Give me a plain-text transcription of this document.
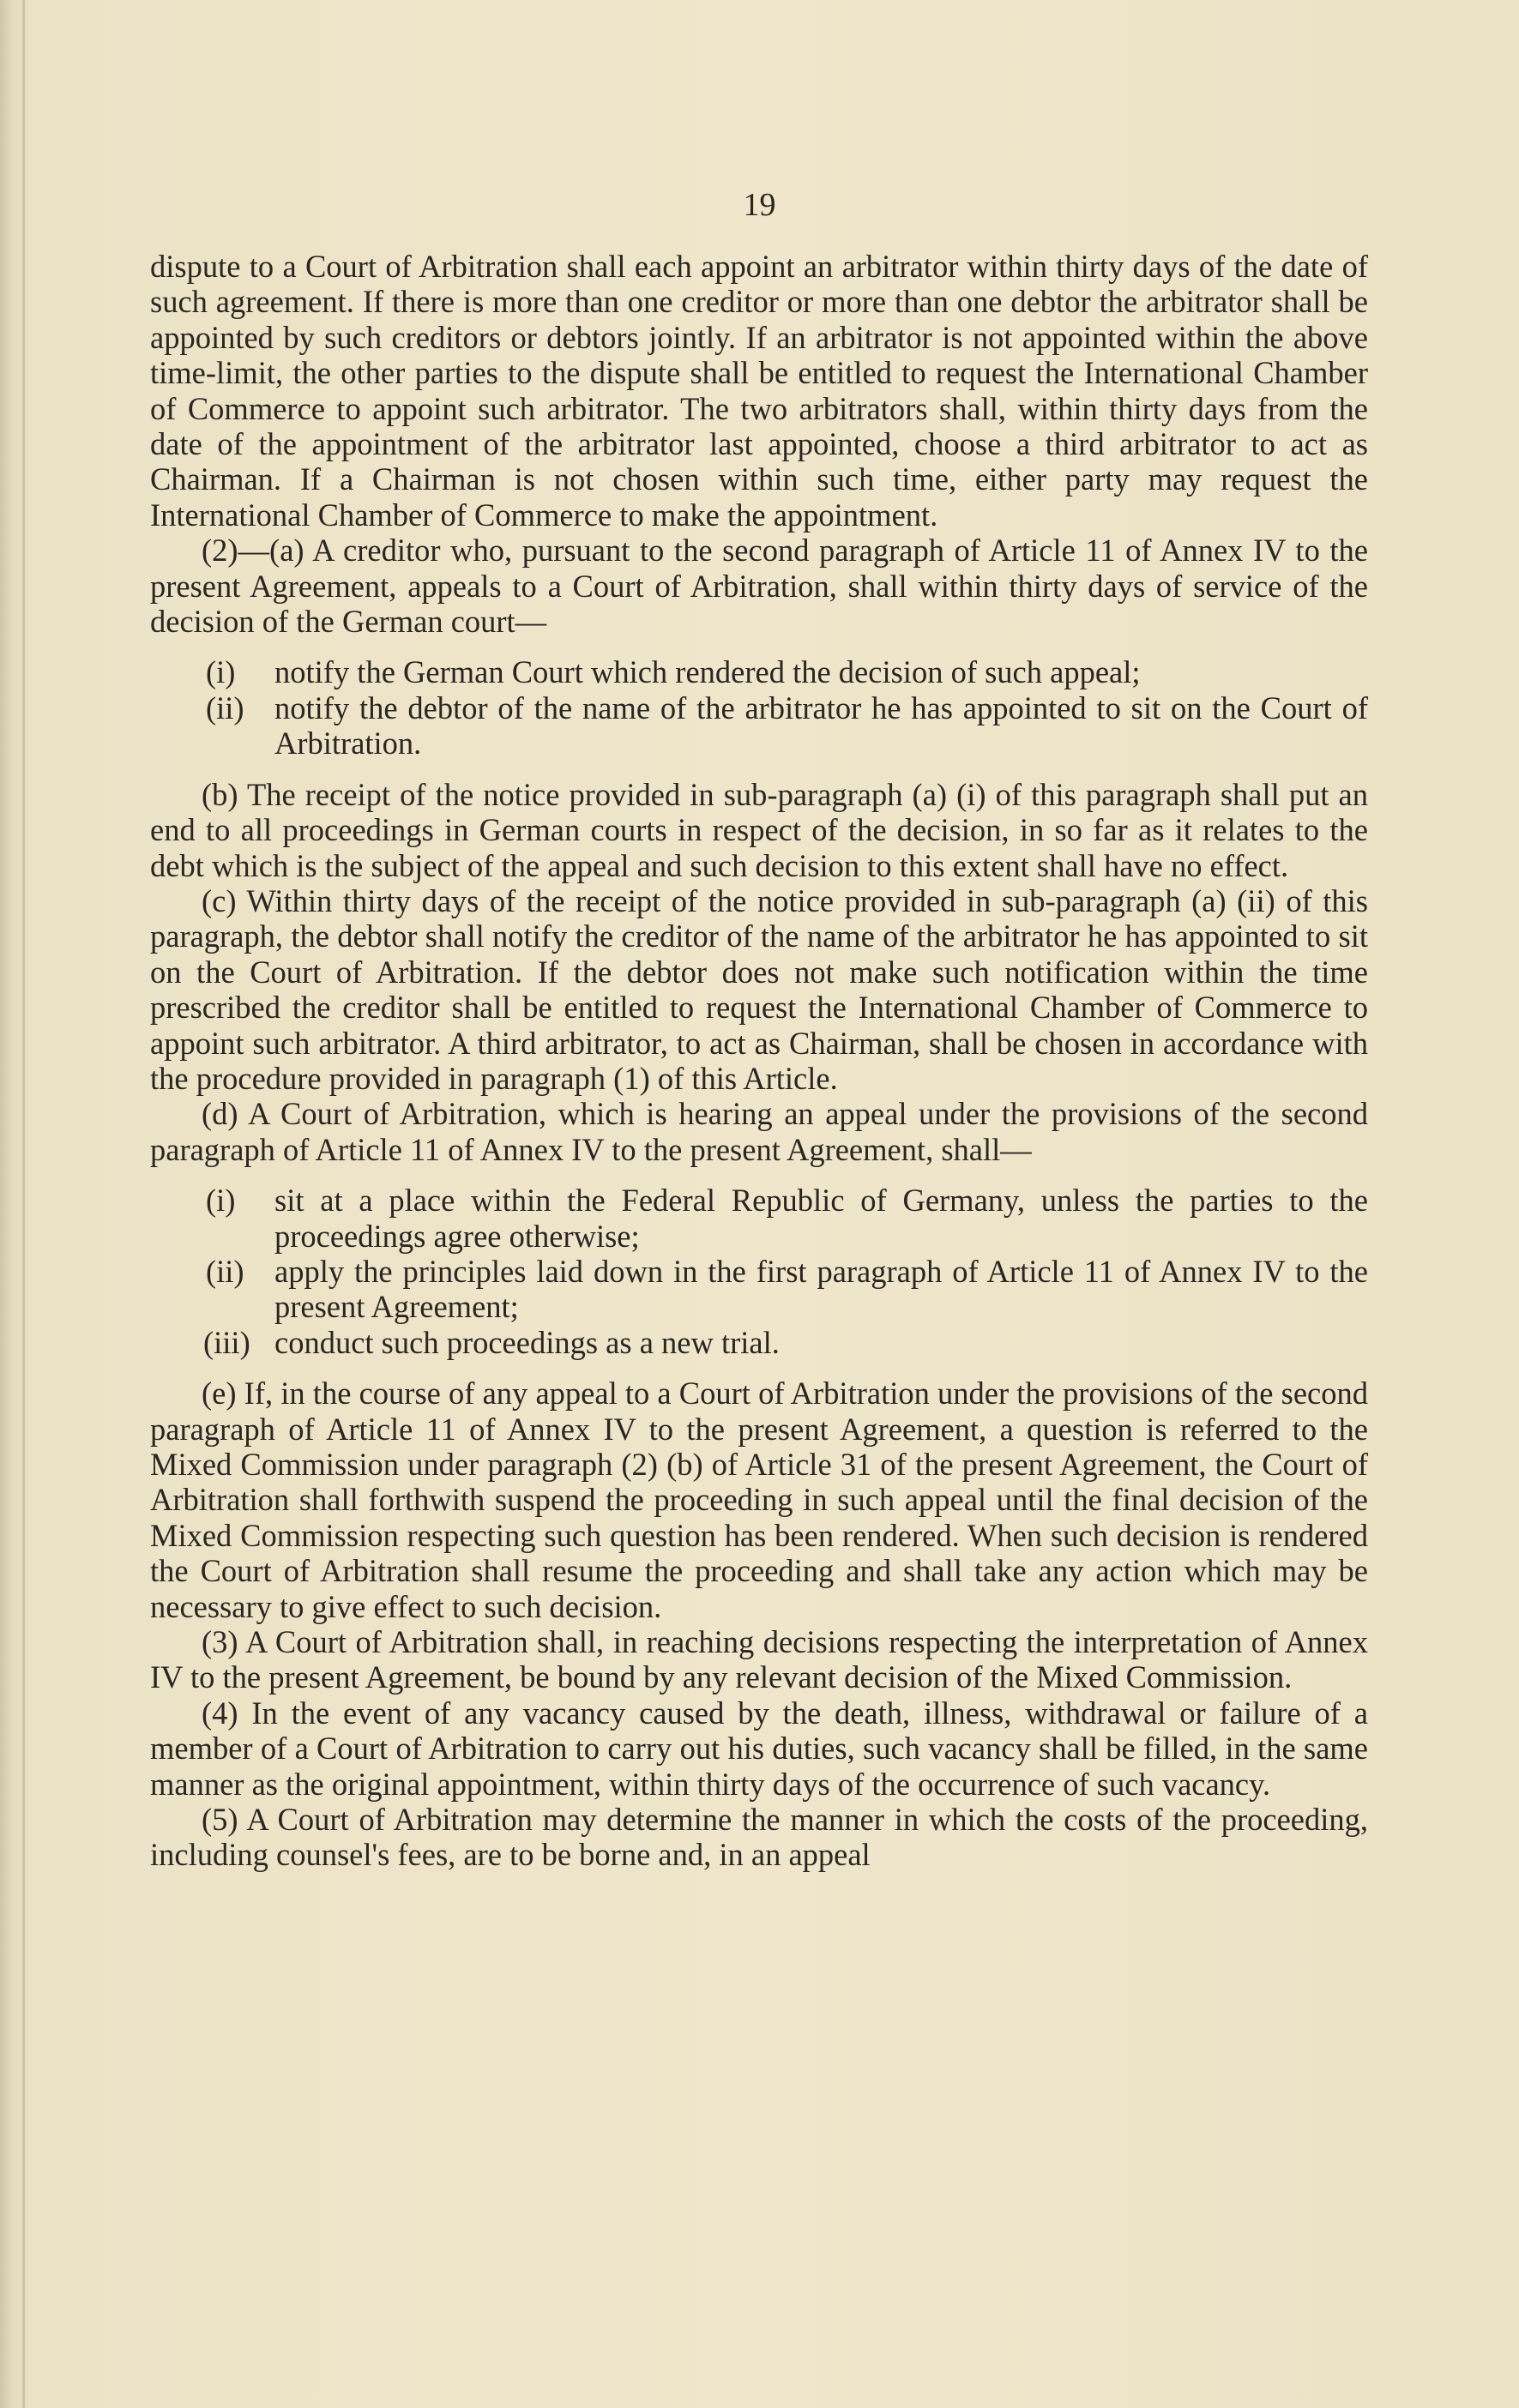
19

dispute to a Court of Arbitration shall each appoint an arbitrator within thirty days of the date of such agreement. If there is more than one creditor or more than one debtor the arbitrator shall be appointed by such creditors or debtors jointly. If an arbitrator is not appointed within the above time-limit, the other parties to the dispute shall be entitled to request the International Chamber of Commerce to appoint such arbitrator. The two arbitrators shall, within thirty days from the date of the appointment of the arbitrator last appointed, choose a third arbitrator to act as Chairman. If a Chairman is not chosen within such time, either party may request the International Chamber of Commerce to make the appointment.

(2)—(a) A creditor who, pursuant to the second paragraph of Article 11 of Annex IV to the present Agreement, appeals to a Court of Arbitration, shall within thirty days of service of the decision of the German court—

(i)	notify the German Court which rendered the decision of such appeal;
(ii) notify the debtor of the name of the arbitrator he has appointed to sit on the Court of Arbitration.

(b) The receipt of the notice provided in sub-paragraph (a) (i) of this paragraph shall put an end to all proceedings in German courts in respect of the decision, in so far as it relates to the debt which is the subject of the appeal and such decision to this extent shall have no effect.

(c) Within thirty days of the receipt of the notice provided in sub-paragraph (a) (ii) of this paragraph, the debtor shall notify the creditor of the name of the arbitrator he has appointed to sit on the Court of Arbitration. If the debtor does not make such notification within the time prescribed the creditor shall be entitled to request the International Chamber of Commerce to appoint such arbitrator. A third arbitrator, to act as Chairman, shall be chosen in accordance with the procedure provided in paragraph (1) of this Article.

(d) A Court of Arbitration, which is hearing an appeal under the provisions of the second paragraph of Article 11 of Annex IV to the present Agreement, shall—

(i)	sit at a place within the Federal Republic of Germany, unless the parties to the proceedings agree otherwise;
(ii) apply the principles laid down in the first paragraph of Article 11 of Annex IV to the present Agreement;
(iii) conduct such proceedings as a new trial.

(e) If, in the course of any appeal to a Court of Arbitration under the provisions of the second paragraph of Article 11 of Annex IV to the present Agreement, a question is referred to the Mixed Commission under paragraph (2) (b) of Article 31 of the present Agreement, the Court of Arbitration shall forthwith suspend the proceeding in such appeal until the final decision of the Mixed Commission respecting such question has been rendered. When such decision is rendered the Court of Arbitration shall resume the proceeding and shall take any action which may be necessary to give effect to such decision.

(3) A Court of Arbitration shall, in reaching decisions respecting the interpretation of Annex IV to the present Agreement, be bound by any relevant decision of the Mixed Commission.

(4) In the event of any vacancy caused by the death, illness, withdrawal or failure of a member of a Court of Arbitration to carry out his duties, such vacancy shall be filled, in the same manner as the original appointment, within thirty days of the occurrence of such vacancy.

(5) A Court of Arbitration may determine the manner in which the costs of the proceeding, including counsel's fees, are to be borne and, in an appeal
